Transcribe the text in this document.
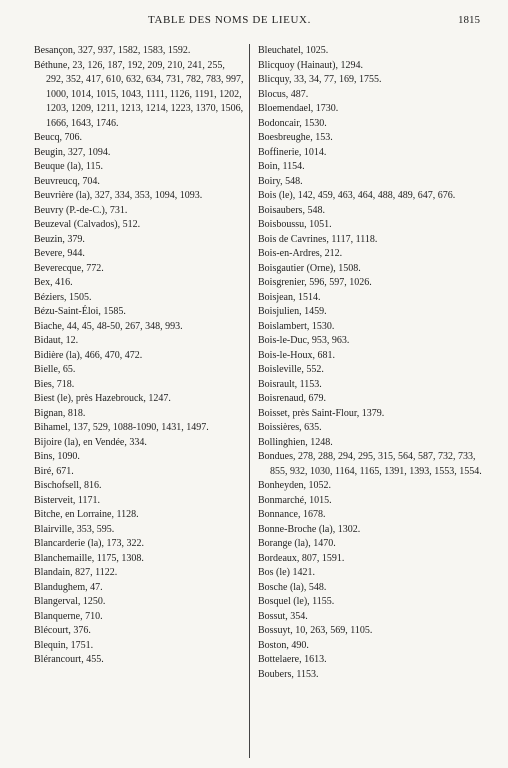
TABLE DES NOMS DE LIEUX.	1815
Besançon, 327, 937, 1582, 1583, 1592.
Béthune, 23, 126, 187, 192, 209, 210, 241, 255, 292, 352, 417, 610, 632, 634, 731, 782, 783, 997, 1000, 1014, 1015, 1043, 1111, 1126, 1191, 1202, 1203, 1209, 1211, 1213, 1214, 1223, 1370, 1506, 1666, 1643, 1746.
Beucq, 706.
Beugin, 327, 1094.
Beuque (la), 115.
Beuvreucq, 704.
Beuvrière (la), 327, 334, 353, 1094, 1093.
Beuvry (P.-de-C.), 731.
Beuzeval (Calvados), 512.
Beuzin, 379.
Bevere, 944.
Beverecque, 772.
Bex, 416.
Béziers, 1505.
Bézu-Saint-Éloi, 1585.
Biache, 44, 45, 48-50, 267, 348, 993.
Bidaut, 12.
Bidière (la), 466, 470, 472.
Bielle, 65.
Bies, 718.
Biest (le), près Hazebrouck, 1247.
Bignan, 818.
Bihamel, 137, 529, 1088-1090, 1431, 1497.
Bijoire (la), en Vendée, 334.
Bins, 1090.
Biré, 671.
Bischofsell, 816.
Bisterveit, 1171.
Bitche, en Lorraine, 1128.
Blairville, 353, 595.
Blancarderie (la), 173, 322.
Blanchemaille, 1175, 1308.
Blandain, 827, 1122.
Blandughem, 47.
Blangerval, 1250.
Blanquerne, 710.
Blécourt, 376.
Blequin, 1751.
Blérancourt, 455.
Bleuchatel, 1025.
Blicquoy (Hainaut), 1294.
Blicquy, 33, 34, 77, 169, 1755.
Blocus, 487.
Bloemendael, 1730.
Bodoncair, 1530.
Boesbreughe, 153.
Boffinerie, 1014.
Boin, 1154.
Boiry, 548.
Bois (le), 142, 459, 463, 464, 488, 489, 647, 676.
Boisaubers, 548.
Boisboussu, 1051.
Bois de Cavrines, 1117, 1118.
Bois-en-Ardres, 212.
Boisgautier (Orne), 1508.
Boisgrenier, 596, 597, 1026.
Boisjean, 1514.
Boisjulien, 1459.
Boislambert, 1530.
Bois-le-Duc, 953, 963.
Bois-le-Houx, 681.
Boisleville, 552.
Boisrault, 1153.
Boisrenaud, 679.
Boisset, près Saint-Flour, 1379.
Boissières, 635.
Bollinghien, 1248.
Bondues, 278, 288, 294, 295, 315, 564, 587, 732, 733, 855, 932, 1030, 1164, 1165, 1391, 1393, 1553, 1554.
Bonheyden, 1052.
Bonmarché, 1015.
Bonnance, 1678.
Bonne-Broche (la), 1302.
Borange (la), 1470.
Bordeaux, 807, 1591.
Bos (le) 1421.
Bosche (la), 548.
Bosquel (le), 1155.
Bossut, 354.
Bossuyt, 10, 263, 569, 1105.
Boston, 490.
Bottelaere, 1613.
Boubers, 1153.
